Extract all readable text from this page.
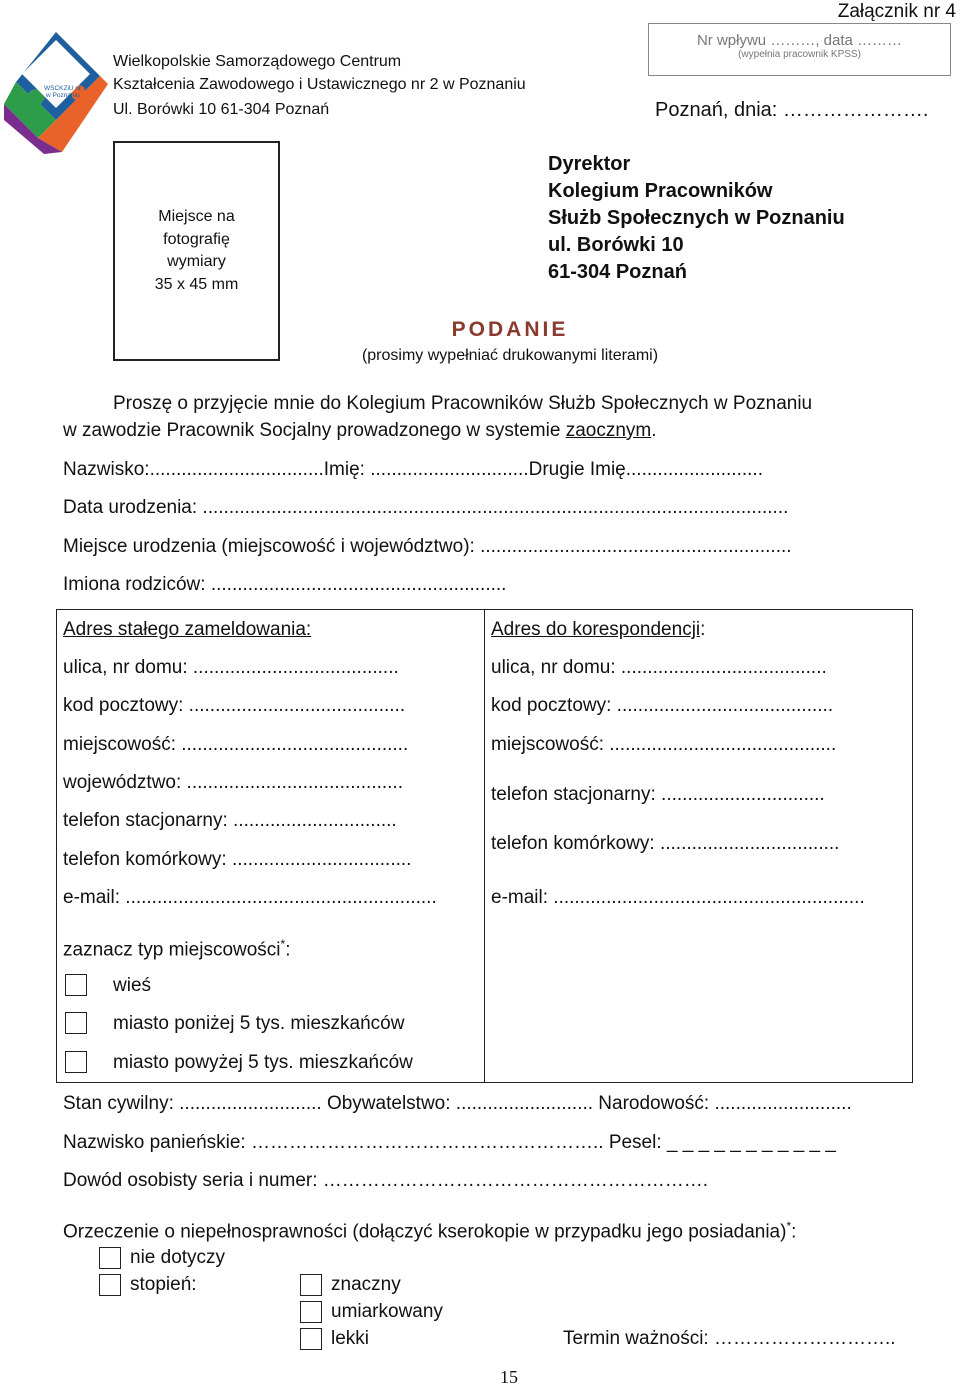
Załącznik nr 4
WSCKZiU nr 2
w Poznaniu
Wielkopolskie Samorządowego Centrum
Kształcenia Zawodowego i Ustawicznego nr 2 w Poznaniu
Ul. Borówki 10 61-304 Poznań
Nr wpływu ………, data ………
(wypełnia pracownik KPSS)
Poznań, dnia: ………………….
Miejsce na
fotografię
wymiary
35 x 45 mm
Dyrektor
Kolegium Pracowników
Służb Społecznych w Poznaniu
ul. Borówki 10
61-304 Poznań
PODANIE
(prosimy wypełniać drukowanymi literami)
Proszę o przyjęcie mnie do Kolegium Pracowników Służb Społecznych w Poznaniu
w zawodzie Pracownik Socjalny prowadzonego w systemie zaocznym.
Nazwisko:.................................Imię: ..............................Drugie Imię..........................
Data urodzenia: ...............................................................................................................
Miejsce urodzenia (miejscowość i województwo): ...........................................................
Imiona rodziców: ........................................................
Adres stałego zameldowania:
ulica, nr domu: .......................................
kod pocztowy: .........................................
miejscowość: ...........................................
województwo: .........................................
telefon stacjonarny: ...............................
telefon komórkowy: ..................................
e-mail: ...........................................................
zaznacz typ miejscowości*:
wieś
miasto poniżej 5 tys. mieszkańców
miasto powyżej 5 tys. mieszkańców
Adres do korespondencji:
ulica, nr domu: .......................................
kod pocztowy: .........................................
miejscowość: ...........................................
telefon stacjonarny: ...............................
telefon komórkowy: ..................................
e-mail: ...........................................................
Stan cywilny: ........................... Obywatelstwo: .......................... Narodowość: ..........................
Nazwisko panieńskie: ……………………………………………….. Pesel: _ _ _ _ _ _ _ _ _ _ _
Dowód osobisty seria i numer: …………………………………………………….
Orzeczenie o niepełnosprawności (dołączyć kserokopie w przypadku jego posiadania)*:
nie dotyczy
stopień:	znaczny
umiarkowany
lekki	Termin ważności: ………………………..
15
